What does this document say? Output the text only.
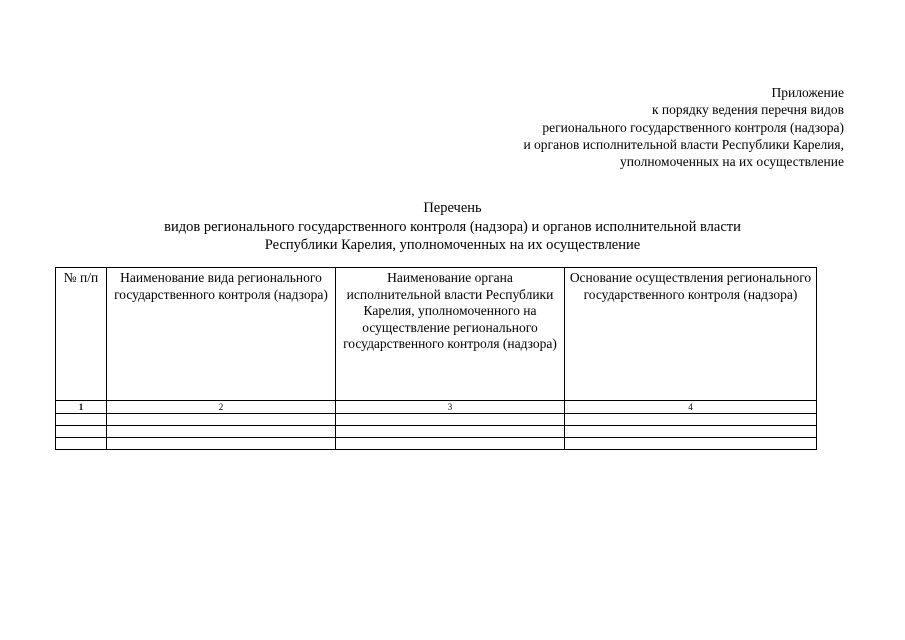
Приложение
к порядку ведения перечня видов
регионального государственного контроля (надзора)
и органов исполнительной власти Республики Карелия,
уполномоченных на их осуществление
Перечень
видов регионального государственного контроля (надзора) и органов исполнительной власти
Республики Карелия, уполномоченных на их осуществление
№ п/п	Наименование вида регионального государственного контроля (надзора)	Наименование органа исполнительной власти Республики Карелия, уполномоченного на осуществление регионального государственного контроля (надзора)	Основание осуществления регионального государственного контроля (надзора)

1	2	3	4
